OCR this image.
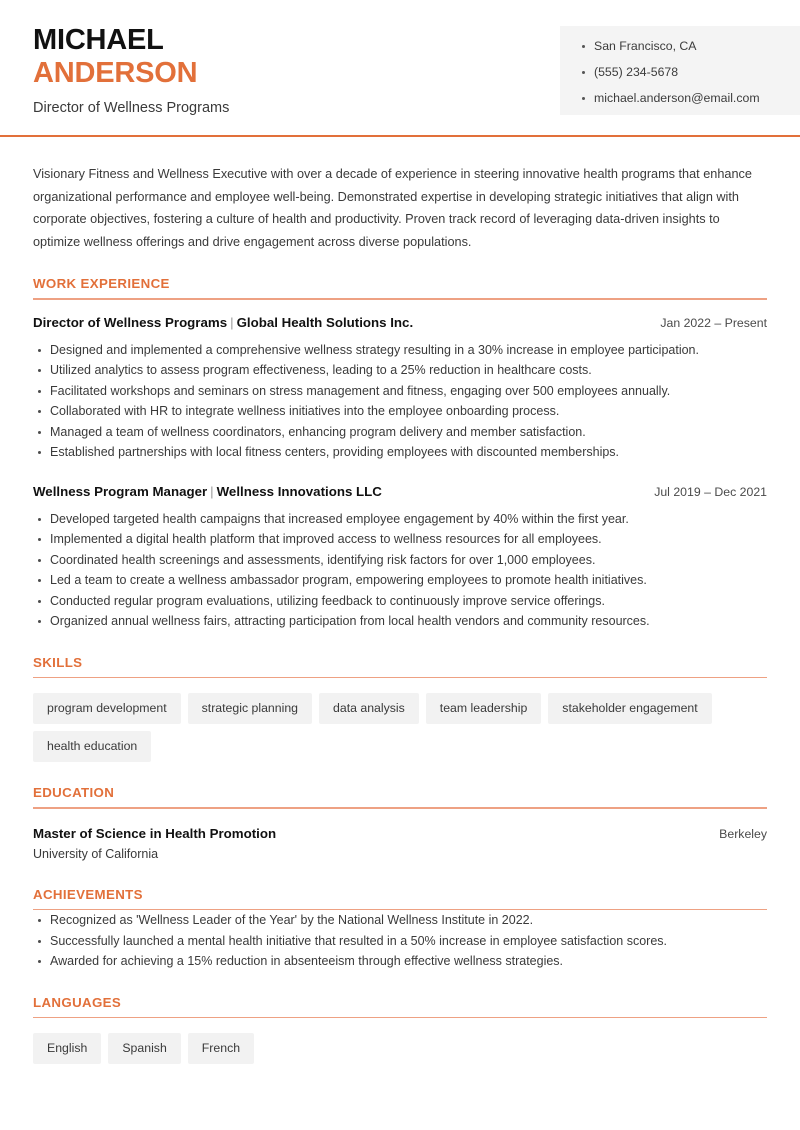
MICHAEL
ANDERSON
Director of Wellness Programs
San Francisco, CA
(555) 234-5678
michael.anderson@email.com
Visionary Fitness and Wellness Executive with over a decade of experience in steering innovative health programs that enhance organizational performance and employee well-being. Demonstrated expertise in developing strategic initiatives that align with corporate objectives, fostering a culture of health and productivity. Proven track record of leveraging data-driven insights to optimize wellness offerings and drive engagement across diverse populations.
WORK EXPERIENCE
Director of Wellness Programs | Global Health Solutions Inc.	Jan 2022 – Present
Designed and implemented a comprehensive wellness strategy resulting in a 30% increase in employee participation.
Utilized analytics to assess program effectiveness, leading to a 25% reduction in healthcare costs.
Facilitated workshops and seminars on stress management and fitness, engaging over 500 employees annually.
Collaborated with HR to integrate wellness initiatives into the employee onboarding process.
Managed a team of wellness coordinators, enhancing program delivery and member satisfaction.
Established partnerships with local fitness centers, providing employees with discounted memberships.
Wellness Program Manager | Wellness Innovations LLC	Jul 2019 – Dec 2021
Developed targeted health campaigns that increased employee engagement by 40% within the first year.
Implemented a digital health platform that improved access to wellness resources for all employees.
Coordinated health screenings and assessments, identifying risk factors for over 1,000 employees.
Led a team to create a wellness ambassador program, empowering employees to promote health initiatives.
Conducted regular program evaluations, utilizing feedback to continuously improve service offerings.
Organized annual wellness fairs, attracting participation from local health vendors and community resources.
SKILLS
program development	strategic planning	data analysis	team leadership	stakeholder engagement
health education
EDUCATION
Master of Science in Health Promotion	Berkeley
University of California
ACHIEVEMENTS
Recognized as 'Wellness Leader of the Year' by the National Wellness Institute in 2022.
Successfully launched a mental health initiative that resulted in a 50% increase in employee satisfaction scores.
Awarded for achieving a 15% reduction in absenteeism through effective wellness strategies.
LANGUAGES
English	Spanish	French
